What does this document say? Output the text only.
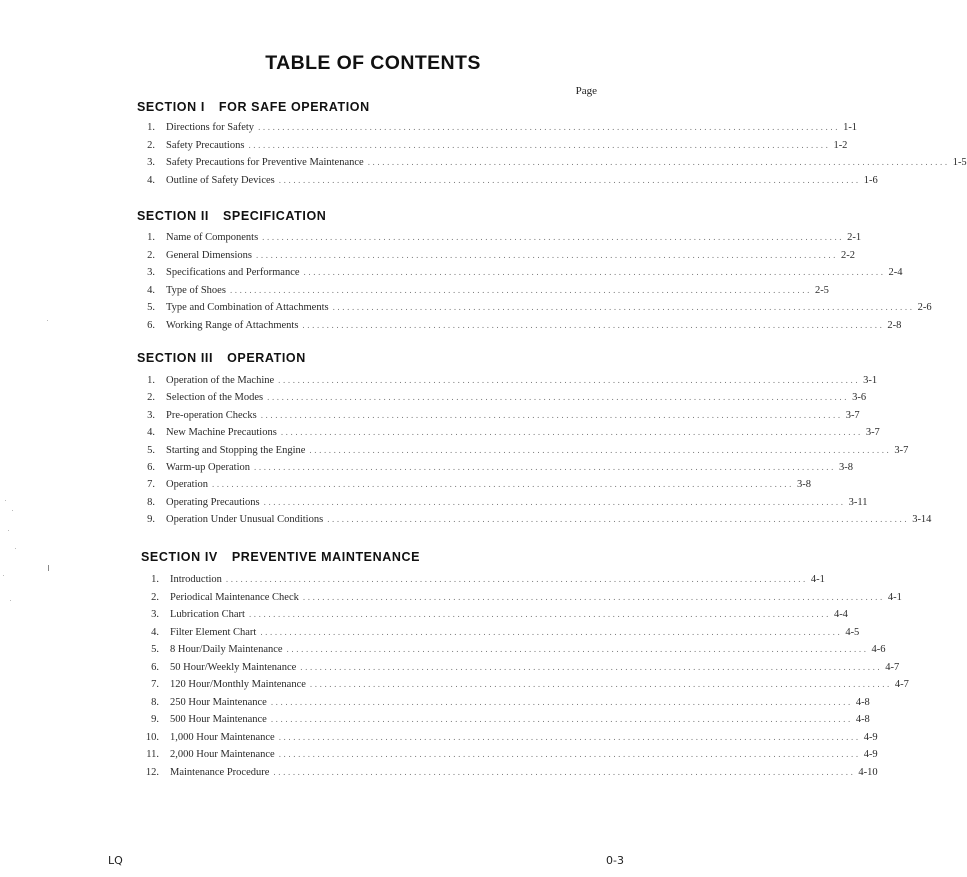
TABLE OF CONTENTS
Page
SECTION I FOR SAFE OPERATION
1. Directions for Safety ........................................................................................................................ 1-1
2. Safety Precautions ........................................................................................................................ 1-2
3. Safety Precautions for Preventive Maintenance ........................................................................................................................ 1-5
4. Outline of Safety Devices ........................................................................................................................ 1-6
SECTION II SPECIFICATION
1. Name of Components ........................................................................................................................ 2-1
2. General Dimensions ........................................................................................................................ 2-2
3. Specifications and Performance ........................................................................................................................ 2-4
4. Type of Shoes ........................................................................................................................ 2-5
5. Type and Combination of Attachments ........................................................................................................................ 2-6
6. Working Range of Attachments ........................................................................................................................ 2-8
SECTION III OPERATION
1. Operation of the Machine ........................................................................................................................ 3-1
2. Selection of the Modes ........................................................................................................................ 3-6
3. Pre-operation Checks ........................................................................................................................ 3-7
4. New Machine Precautions ........................................................................................................................ 3-7
5. Starting and Stopping the Engine ........................................................................................................................ 3-7
6. Warm-up Operation ........................................................................................................................ 3-8
7. Operation ........................................................................................................................ 3-8
8. Operating Precautions ........................................................................................................................ 3-11
9. Operation Under Unusual Conditions ........................................................................................................................ 3-14
SECTION IV PREVENTIVE MAINTENANCE
1. Introduction ........................................................................................................................ 4-1
2. Periodical Maintenance Check ........................................................................................................................ 4-1
3. Lubrication Chart ........................................................................................................................ 4-4
4. Filter Element Chart ........................................................................................................................ 4-5
5. 8 Hour/Daily Maintenance ........................................................................................................................ 4-6
6. 50 Hour/Weekly Maintenance ........................................................................................................................ 4-7
7. 120 Hour/Monthly Maintenance ........................................................................................................................ 4-7
8. 250 Hour Maintenance ........................................................................................................................ 4-8
9. 500 Hour Maintenance ........................................................................................................................ 4-8
10. 1,000 Hour Maintenance ........................................................................................................................ 4-9
11. 2,000 Hour Maintenance ........................................................................................................................ 4-9
12. Maintenance Procedure ........................................................................................................................ 4-10
LQ	0-3
